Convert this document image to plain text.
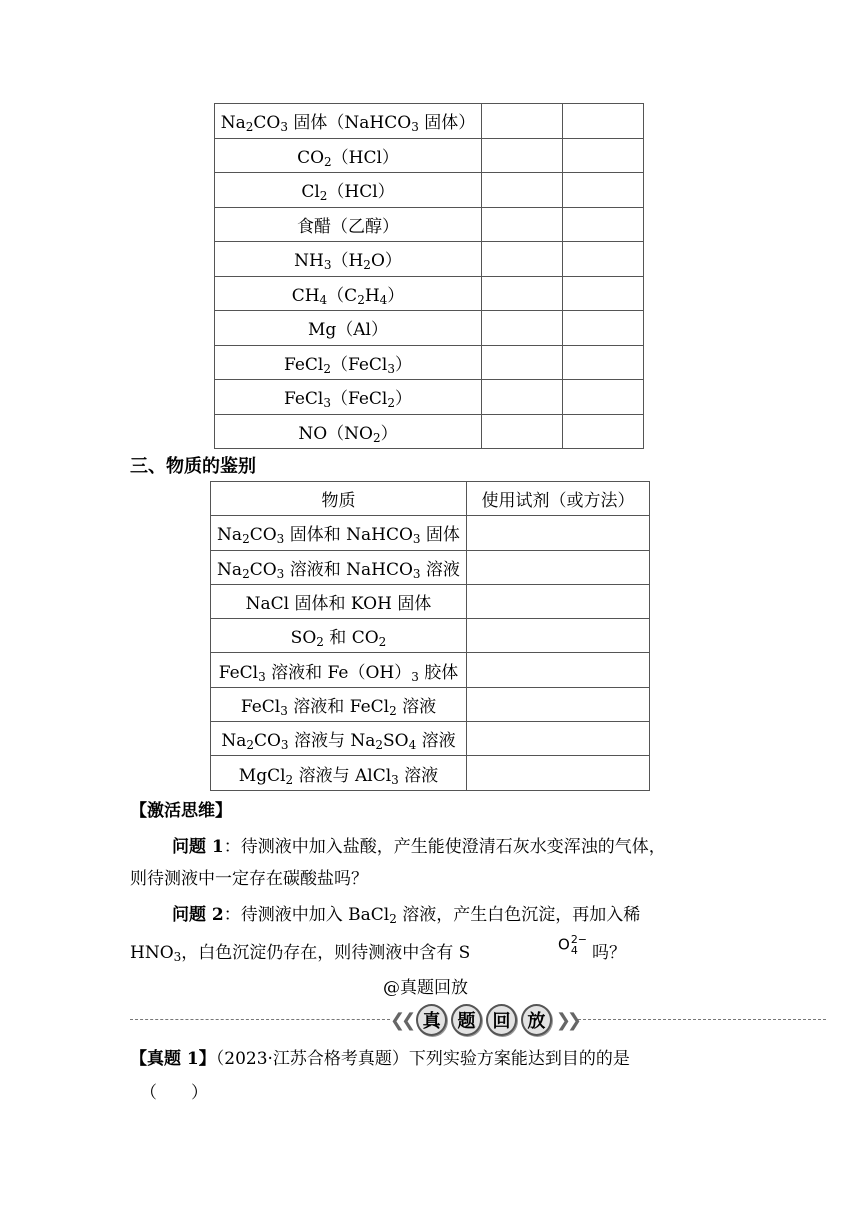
$Na_2CO_3$ 固体（NaHCO$_3$ 固体）		
$CO_2(HCl)$		
$Cl_2(HCl)$		
食醋（乙醇）		
$NH_3(H_2O)$		
$CH_4(C_2H_4)$		
Mg（Al）		
FeCl$_2$（FeCl$_3$）		
FeCl$_3$（FeCl$_2$）		
$NO(NO_2)$		
三、物质的鉴别
物质	使用试剂（或方法）
$Na_2CO_3$ 固体和 NaHCO$_3$ 固体	
$Na_2CO_3$ 溶液和 NaHCO$_3$ 溶液	
NaCl 固体和 KOH 固体	
$SO_2$ 和 $CO_2$	
FeCl$_3$ 溶液和 $Fe(OH)_3$ 胶体	
FeCl$_3$ 溶液和 FeCl$_2$ 溶液	
$Na_2CO_3$ 溶液与 $Na_2SO_4$ 溶液	
MgCl$_2$ 溶液与 AlCl$_3$ 溶液	
【激活思维】
问题 1：待测液中加入盐酸，产生能使澄清石灰水变浑浊的气体，
则待测液中一定存在碳酸盐吗？
问题 2：待测液中加入 BaCl$_2$ 溶液，产生白色沉淀，再加入稀
$HNO_3$，白色沉淀仍存在，则待测液中含有 S	O 2−
4 吗？
@真题回放
❮❮ 真 题 回 放 ❯❯
【真题 1】（2023·江苏合格考真题）下列实验方案能达到目的的是
（　　）
